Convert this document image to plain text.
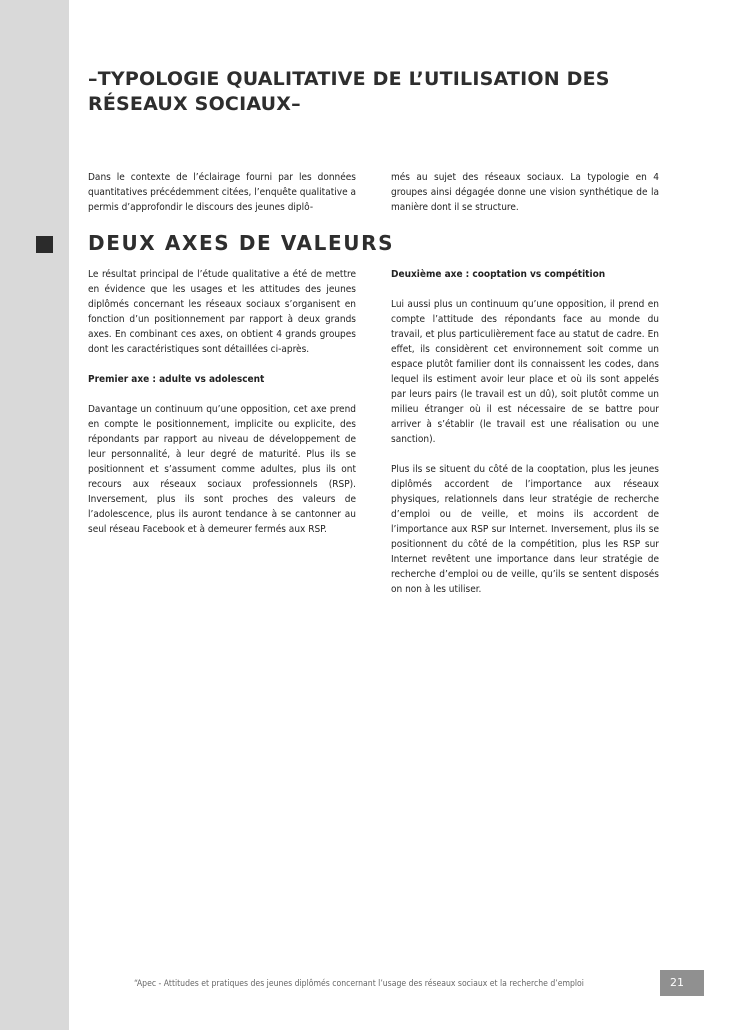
–TYPOLOGIE QUALITATIVE DE L’UTILISATION DES
RÉSEAUX SOCIAUX–

Dans le contexte de l’éclairage fourni par les données quantitatives précédemment citées, l’enquête qualitative a permis d’approfondir le discours des jeunes diplô-

més au sujet des réseaux sociaux. La typologie en 4 groupes ainsi dégagée donne une vision synthétique de la manière dont il se structure.

DEUX AXES DE VALEURS

Le résultat principal de l’étude qualitative a été de mettre en évidence que les usages et les attitudes des jeunes diplômés concernant les réseaux sociaux s’organisent en fonction d’un positionnement par rapport à deux grands axes. En combinant ces axes, on obtient 4 grands groupes dont les caractéristiques sont détaillées ci-après.

Premier axe : adulte vs adolescent

Davantage un continuum qu’une opposition, cet axe prend en compte le positionnement, implicite ou explicite, des répondants par rapport au niveau de développement de leur personnalité, à leur degré de maturité. Plus ils se positionnent et s’assument comme adultes, plus ils ont recours aux réseaux sociaux professionnels (RSP). Inversement, plus ils sont proches des valeurs de l’adolescence, plus ils auront tendance à se cantonner au seul réseau Facebook et à demeurer fermés aux RSP.

Deuxième axe : cooptation vs compétition

Lui aussi plus un continuum qu’une opposition, il prend en compte l’attitude des répondants face au monde du travail, et plus particulièrement face au statut de cadre. En effet, ils considèrent cet environnement soit comme un espace plutôt familier dont ils connaissent les codes, dans lequel ils estiment avoir leur place et où ils sont appelés par leurs pairs (le travail est un dû), soit plutôt comme un milieu étranger où il est nécessaire de se battre pour arriver à s’établir (le travail est une réalisation ou une sanction).

Plus ils se situent du côté de la cooptation, plus les jeunes diplômés accordent de l’importance aux réseaux physiques, relationnels dans leur stratégie de recherche d’emploi ou de veille, et moins ils accordent de l’importance aux RSP sur Internet. Inversement, plus ils se positionnent du côté de la compétition, plus les RSP sur Internet revêtent une importance dans leur stratégie de recherche d’emploi ou de veille, qu’ils se sentent disposés on non à les utiliser.

“Apec - Attitudes et pratiques des jeunes diplômés concernant l’usage des réseaux sociaux et la recherche d’emploi	21
